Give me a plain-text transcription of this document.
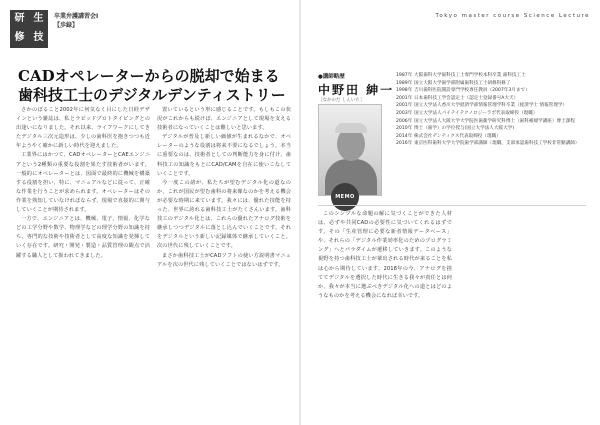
研 生
修 技
卒業弁護講習会Ⅰ
【歩録】
Tokyo master course Science Lecture
CADオペレーターからの脱却で始まる
歯科技工士のデジタルデンティストリー

さかのぼること2002年に何気なく目にした日経デザインという雑誌は、私とラピッドプロトタイピングとの出逢いになりました。それ以来、ライフワークにしてきたデジタル三次元造形は、少しの歯科医を抱きつつも近年ようやく確かに新しい時代を迎えました。

工業界にはかつて、CADオペレーターとCAEエンジニアという2種類の重要な役割を果たす技術者がいます。一般的にオペレーターとは、図面で最終的に機械を構築する役割を担い、特に、マニュアルなどに従って、正確な作業を行うことが求められます。オペレーターはその作業を熟知していなければならず、現場で直接的に関与していくことが期待されます。

一方で、エンジニアとは、機械、電子、情報、化学などの工学分野や数学、物理学などの理学分野の知識を持ち、専門的な技術や技術者として高度な知識を発揮していく存在です。研究・開発・製造・品質管理の観点で活躍する職人として扱われてきました。

置いているという形に感じることです。もしもこの状況がこれからも続けば、エンジニアとして現場を支える技術者になっていくことは難しいと思います。

デジタルが普及し新しい価値が生まれるなかで、オペレーターのような役割は将来不要になるでしょう。本当に重要なのは、技術者としての判断能力を身に付け、歯科技工の知識をもとにCAD/CAMを自在に使いこなしていくことです。

今一度この諸が、私たちが望むデジタル化の道なのか、これが国民が望む歯科の将来像なのかを考える機会が必要な時期に来ています。我々には、優れた技能を持った、世界に誇れる歯科技工士がたくさんいます。歯科技工のデジタル化とは、これらの優れたアナログ技術を継承しつつデジタルに落とし込んでいくことです。それをデジタルという新しい記録媒体で継承していくこと。次の世代に残していくことです。

まさか歯科技工士がCADソフトの使い方説明書マニュアルを次の世代に残していくことではないはずです。

●講師略歴
中野田 紳一
［なかのだ しんいち］
MEMO
1987年 大阪歯科大学歯科技工士専門学校本科卒業 歯科技工士
1989年 国立大阪大学歯学部附属歯科技工士研修科修了
1998年 吉川歯科医院開設専門学校専任教員（2007年3月まで）
2001年 日本歯科技工学会認定士（認定士登録番号A大天）
2001年 国立大学法人香川大学経済学部情報管理学科卒業（経済学士 情報管理学）
2003年 国立大学法人パイテイテクノロジーラボ代表取締役（現職）
2006年 国立大学法人大阪大学大学院医歯薬学研究科博士（歯科補綴学講座）博士課程
2010年 博士（歯学）の学位授与(国立大学法人大阪大学)
2014年 株式会社デンティクス代表取締役（現職）
2016年 東京医科歯科大学大学院歯学部講師（現職、支部承認歯科技工学校非常勤講師）

このシンプルな命題の解に気づくことができた人材は、必ずや共同CADの必要性に気づいてくれるはずです。その「生産管理に必要な新者情報データベース」や、それらの「デジタル作業効率化のためのプログラミング」へとパラダイムが遷移していきます。このような視野を持つ歯科技工士が輩出される時代が来ることを私は心から期待しています。2018年の今、アナログを捨ててデジタルを選択した時代に生きる我々が責任とは何か、我々が本当に選ぶべきデジタル化への道とはどのようなものかを考える機会になれば幸いです。
